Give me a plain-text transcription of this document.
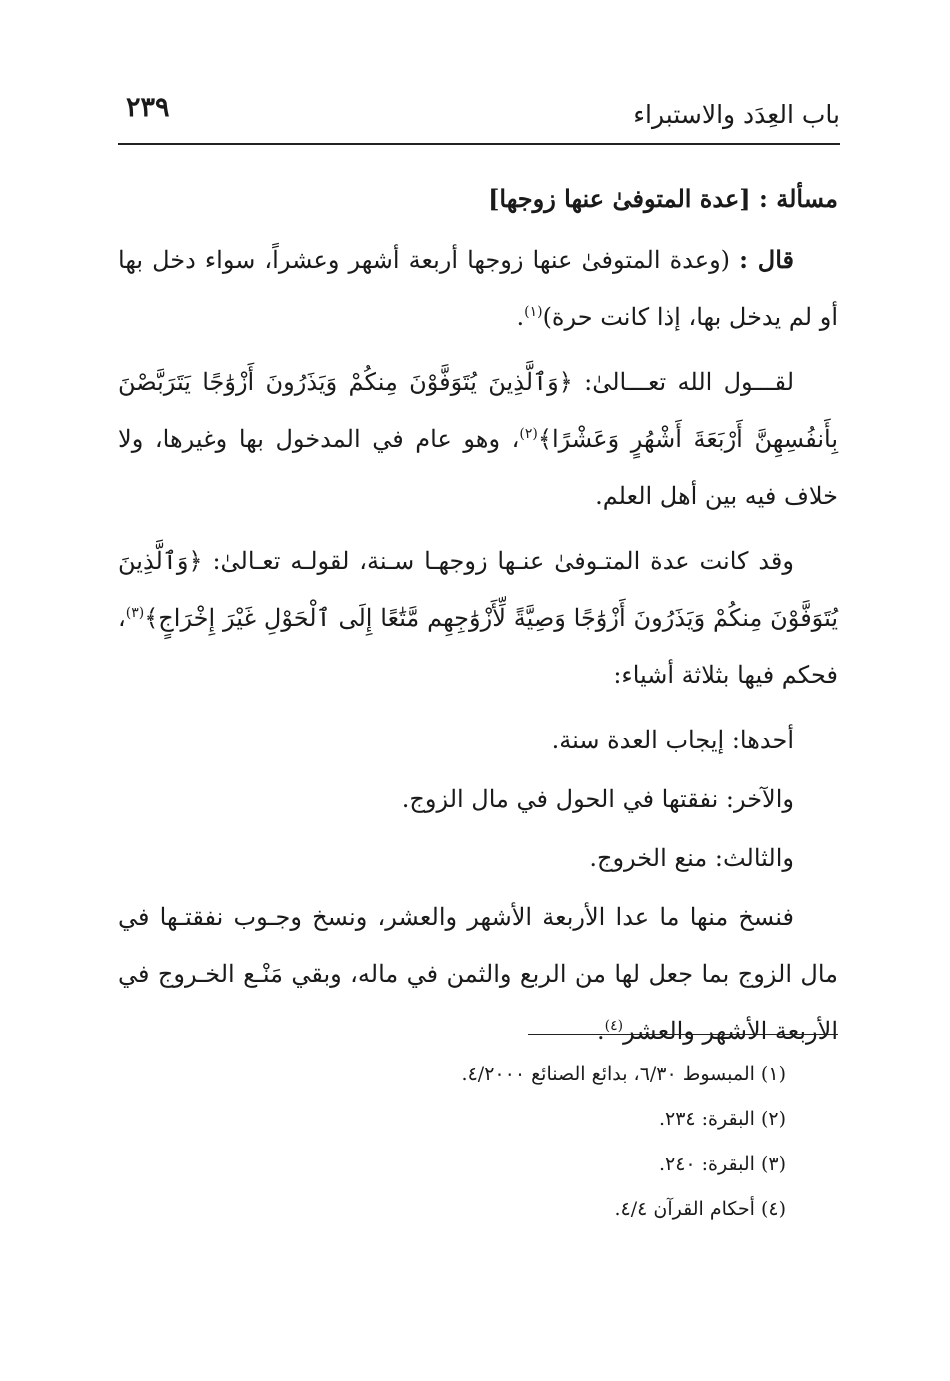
باب العِدَد والاستبراء
٢٣٩

مسألة : [عدة المتوفىٰ عنها زوجها]

قال : (وعدة المتوفىٰ عنها زوجها أربعة أشهر وعشراً، سواء دخل بها أو لم يدخل بها، إذا كانت حرة)$^{(١)}$.

لقـــول الله تعـــالىٰ: ﴿وَٱلَّذِينَ يُتَوَفَّوْنَ مِنكُمْ وَيَذَرُونَ أَزْوَٰجًا يَتَرَبَّصْنَ بِأَنفُسِهِنَّ أَرْبَعَةَ أَشْهُرٍ وَعَشْرًا﴾$^{(٢)}$، وهو عام في المدخول بها وغيرها، ولا خلاف فيه بين أهل العلم.

وقد كانت عدة المتـوفىٰ عنـها زوجهـا سـنة، لقولـه تعـالىٰ: ﴿وَٱلَّذِينَ يُتَوَفَّوْنَ مِنكُمْ وَيَذَرُونَ أَزْوَٰجًا وَصِيَّةً لِّأَزْوَٰجِهِم مَّتَٰعًا إِلَى ٱلْحَوْلِ غَيْرَ إِخْرَاجٍ﴾$^{(٣)}$، فحكم فيها بثلاثة أشياء:

أحدها: إيجاب العدة سنة.

والآخر: نفقتها في الحول في مال الزوج.

والثالث: منع الخروج.

فنسخ منها ما عدا الأربعة الأشهر والعشر، ونسخ وجـوب نفقتـها في مال الزوج بما جعل لها من الربع والثمن في ماله، وبقي مَنْـع الخـروج في الأربعة الأشهر والعشر$^{(٤)}$.

(١) المبسوط ٦/٣٠، بدائع الصنائع ٤/٢٠٠٠.

(٢) البقرة: ٢٣٤.

(٣) البقرة: ٢٤٠.

(٤) أحكام القرآن ٤/٤.
